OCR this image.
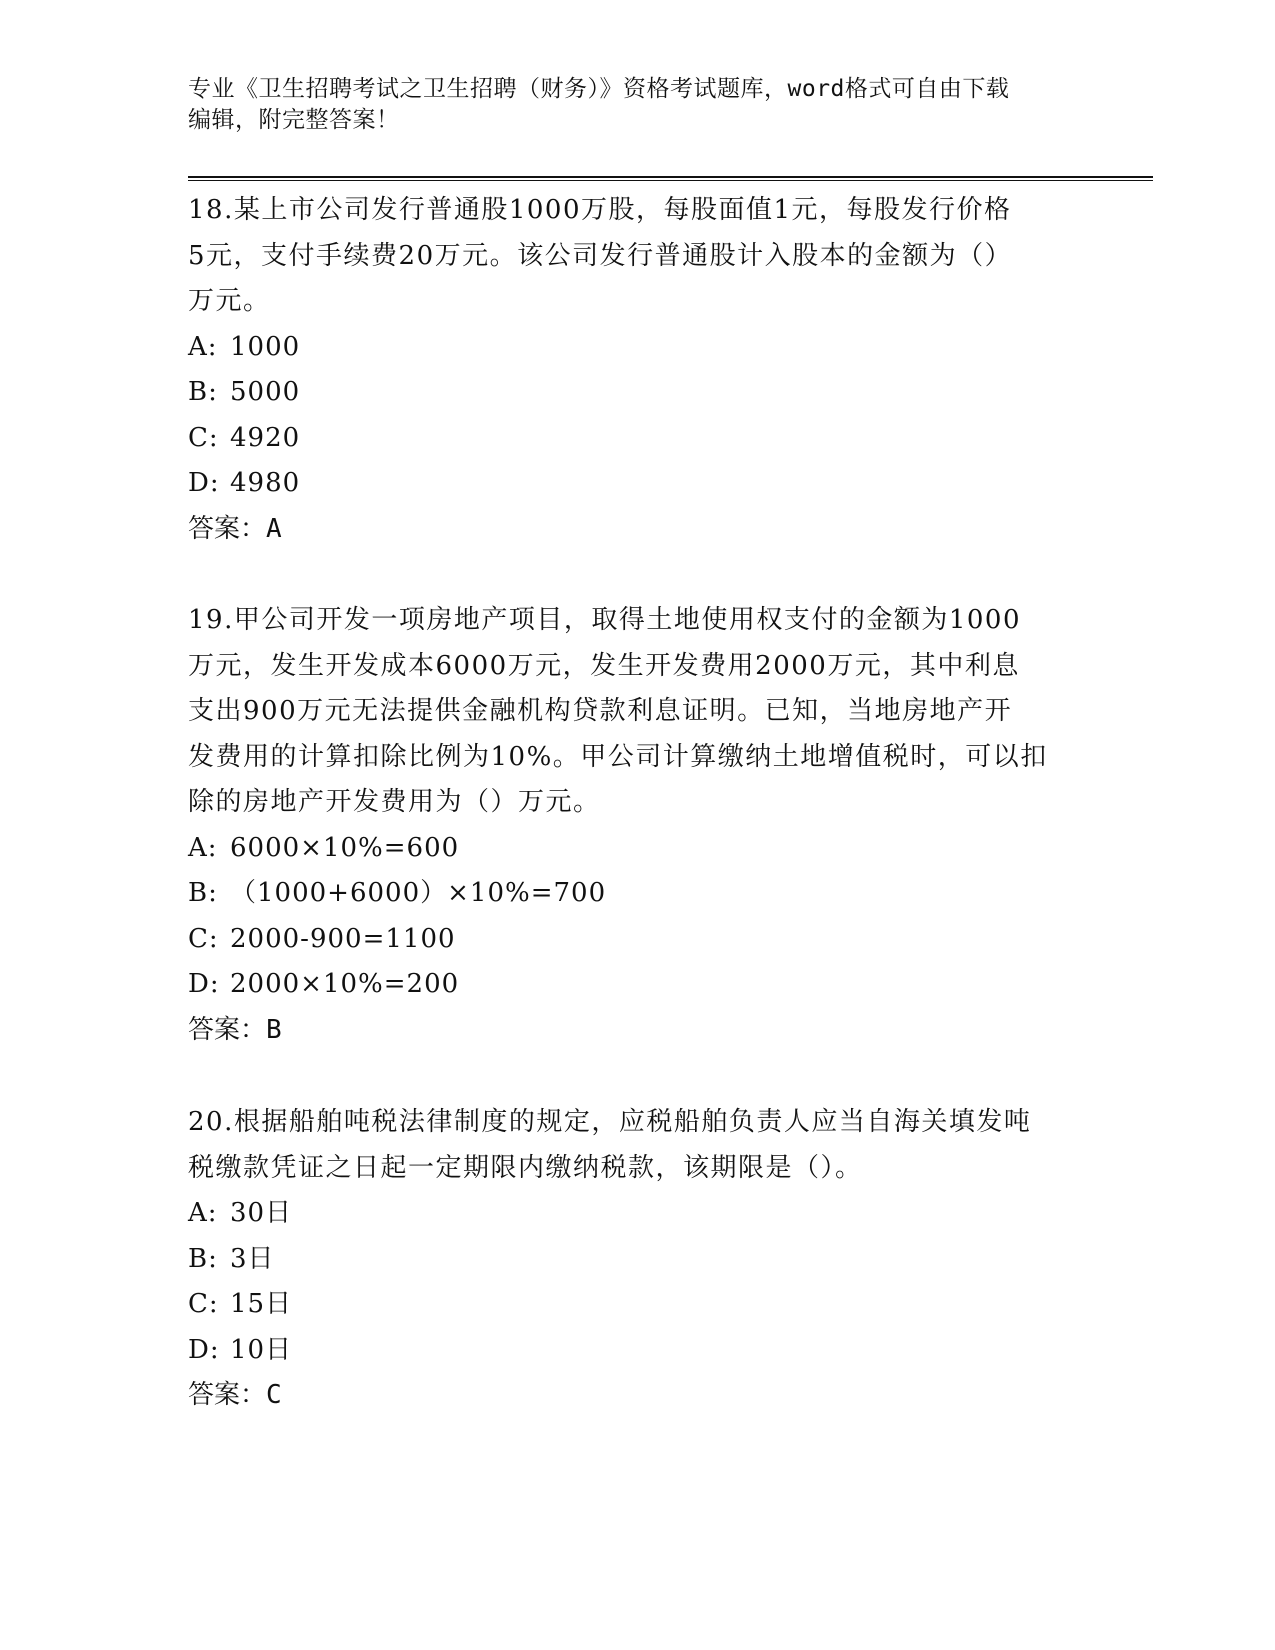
专业《卫生招聘考试之卫生招聘（财务）》资格考试题库，word格式可自由下载
编辑，附完整答案！

18.某上市公司发行普通股1000万股，每股面值1元，每股发行价格

5元，支付手续费20万元。该公司发行普通股计入股本的金额为（）

万元。

A: 1000

B: 5000

C: 4920

D: 4980

答案：A

19.甲公司开发一项房地产项目，取得土地使用权支付的金额为1000

万元，发生开发成本6000万元，发生开发费用2000万元，其中利息

支出900万元无法提供金融机构贷款利息证明。已知，当地房地产开

发费用的计算扣除比例为10%。甲公司计算缴纳土地增值税时，可以扣

除的房地产开发费用为（）万元。

A: 6000×10%=600

B: （1000+6000）×10%=700

C: 2000-900=1100

D: 2000×10%=200

答案：B

20.根据船舶吨税法律制度的规定，应税船舶负责人应当自海关填发吨

税缴款凭证之日起一定期限内缴纳税款，该期限是（）。

A: 30日

B: 3日

C: 15日

D: 10日

答案：C
